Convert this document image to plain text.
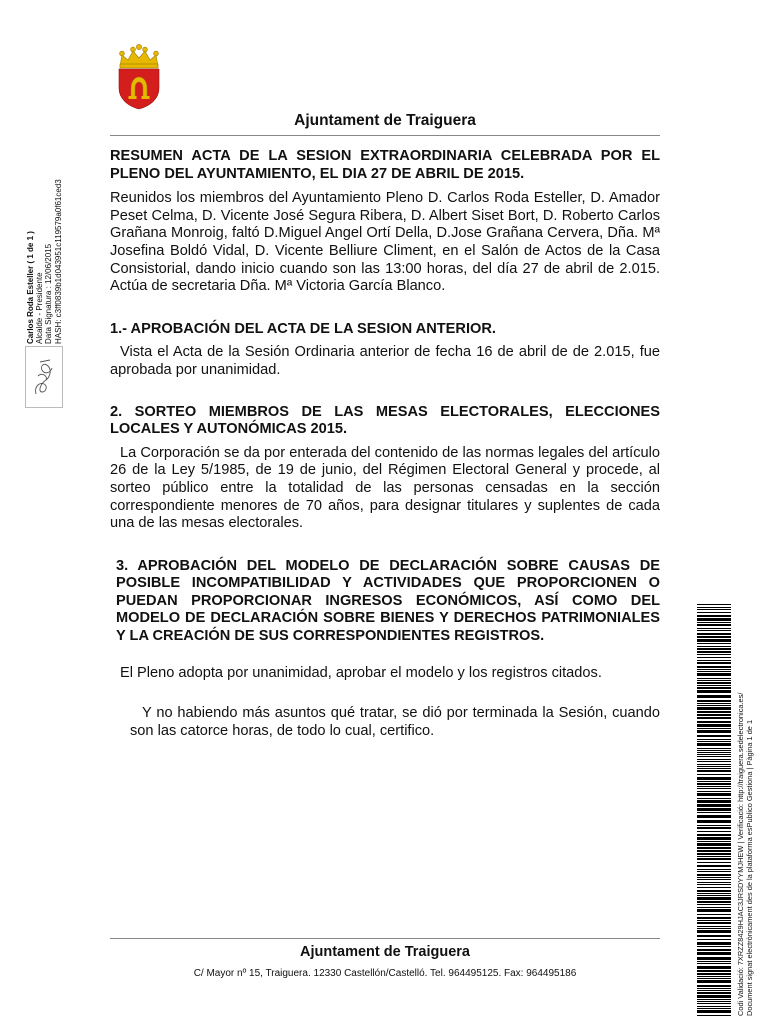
Ajuntament de Traiguera
RESUMEN ACTA DE LA SESION EXTRAORDINARIA CELEBRADA POR EL PLENO DEL AYUNTAMIENTO, EL DIA 27 DE ABRIL DE 2015.
Reunidos los miembros del Ayuntamiento Pleno D. Carlos Roda Esteller, D. Amador Peset Celma, D. Vicente José Segura Ribera, D. Albert Siset Bort, D. Roberto Carlos Grañana Monroig, faltó D.Miguel Angel Ortí Della, D.Jose Grañana Cervera, Dña. Mª Josefina Boldó Vidal, D. Vicente Belliure Climent, en el Salón de Actos de la Casa Consistorial, dando inicio cuando son las 13:00 horas, del día 27 de abril de 2.015. Actúa de secretaria Dña. Mª Victoria García Blanco.
1.- APROBACIÓN DEL ACTA DE LA SESION ANTERIOR.
Vista el Acta de la Sesión Ordinaria anterior de fecha 16 de abril de de 2.015, fue aprobada por unanimidad.
2. SORTEO MIEMBROS DE LAS MESAS ELECTORALES, ELECCIONES LOCALES Y AUTONÓMICAS 2015.
La Corporación se da por enterada del contenido de las normas legales del artículo 26 de la Ley 5/1985, de 19 de junio, del Régimen Electoral General y procede, al sorteo público entre la totalidad de las personas censadas en la sección correspondiente menores de 70 años, para designar titulares y suplentes de cada una de las mesas electorales.
3. APROBACIÓN DEL MODELO DE DECLARACIÓN SOBRE CAUSAS DE POSIBLE INCOMPATIBILIDAD Y ACTIVIDADES QUE PROPORCIONEN O PUEDAN PROPORCIONAR INGRESOS ECONÓMICOS, ASÍ COMO DEL MODELO DE DECLARACIÓN SOBRE BIENES Y DERECHOS PATRIMONIALES Y LA CREACIÓN DE SUS CORRESPONDIENTES REGISTROS.
El Pleno adopta por unanimidad, aprobar el modelo y los registros citados.
Y no habiendo más asuntos qué tratar, se dió por terminada la Sesión, cuando son las catorce horas, de todo lo cual, certifico.
Ajuntament de Traiguera
C/ Mayor nº 15, Traiguera. 12330 Castellón/Castelló. Tel. 964495125. Fax: 964495186
Carlos Roda Esteller ( 1 de 1 ) Alcalde - Presidente Data Signatura : 12/06/2015 HASH: c3ff0839b1d043951c119579a0f61ced3
Codi Validació: 7XRZZ8429HJAC3JRSDYYMJHEW | Verificació: http://traiguera.sedelectronica.es/ Document signat electrònicament des de la plataforma esPublico Gestiona | Pàgina 1 de 1
